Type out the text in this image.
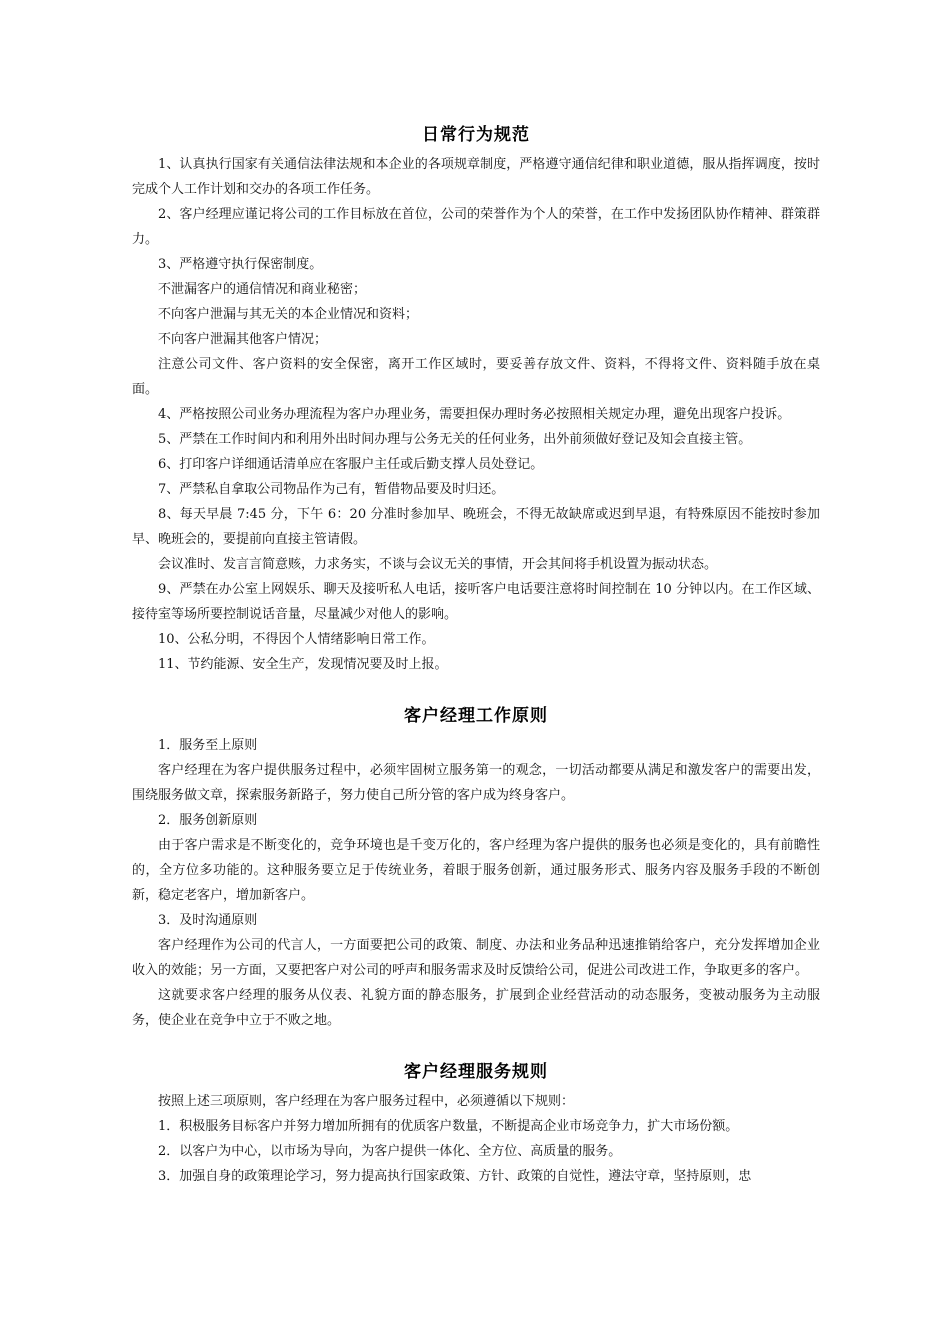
日常行为规范

1、认真执行国家有关通信法律法规和本企业的各项规章制度，严格遵守通信纪律和职业道德，服从指挥调度，按时完成个人工作计划和交办的各项工作任务。

2、客户经理应谨记将公司的工作目标放在首位，公司的荣誉作为个人的荣誉，在工作中发扬团队协作精神、群策群力。

3、严格遵守执行保密制度。

不泄漏客户的通信情况和商业秘密；

不向客户泄漏与其无关的本企业情况和资料；

不向客户泄漏其他客户情况；

注意公司文件、客户资料的安全保密，离开工作区域时，要妥善存放文件、资料，不得将文件、资料随手放在桌面。

4、严格按照公司业务办理流程为客户办理业务，需要担保办理时务必按照相关规定办理，避免出现客户投诉。

5、严禁在工作时间内和利用外出时间办理与公务无关的任何业务，出外前须做好登记及知会直接主管。

6、打印客户详细通话清单应在客服户主任或后勤支撑人员处登记。

7、严禁私自拿取公司物品作为己有，暂借物品要及时归还。

8、每天早晨 7:45 分，下午 6：20 分准时参加早、晚班会，不得无故缺席或迟到早退，有特殊原因不能按时参加早、晚班会的，要提前向直接主管请假。

会议准时、发言言简意赅，力求务实，不谈与会议无关的事情，开会其间将手机设置为振动状态。

9、严禁在办公室上网娱乐、聊天及接听私人电话，接听客户电话要注意将时间控制在 10 分钟以内。在工作区域、接待室等场所要控制说话音量，尽量减少对他人的影响。

10、公私分明，不得因个人情绪影响日常工作。

11、节约能源、安全生产，发现情况要及时上报。

客户经理工作原则

1．服务至上原则

客户经理在为客户提供服务过程中，必须牢固树立服务第一的观念，一切活动都要从满足和激发客户的需要出发，围绕服务做文章，探索服务新路子，努力使自己所分管的客户成为终身客户。

2．服务创新原则

由于客户需求是不断变化的，竞争环境也是千变万化的，客户经理为客户提供的服务也必须是变化的，具有前瞻性的，全方位多功能的。这种服务要立足于传统业务，着眼于服务创新，通过服务形式、服务内容及服务手段的不断创新，稳定老客户，增加新客户。

3．及时沟通原则

客户经理作为公司的代言人，一方面要把公司的政策、制度、办法和业务品种迅速推销给客户，充分发挥增加企业收入的效能；另一方面，又要把客户对公司的呼声和服务需求及时反馈给公司，促进公司改进工作，争取更多的客户。

这就要求客户经理的服务从仪表、礼貌方面的静态服务，扩展到企业经营活动的动态服务，变被动服务为主动服务，使企业在竞争中立于不败之地。

客户经理服务规则

按照上述三项原则，客户经理在为客户服务过程中，必须遵循以下规则：

1．积极服务目标客户并努力增加所拥有的优质客户数量，不断提高企业市场竞争力，扩大市场份额。

2．以客户为中心，以市场为导向，为客户提供一体化、全方位、高质量的服务。

3．加强自身的政策理论学习，努力提高执行国家政策、方针、政策的自觉性，遵法守章，坚持原则，忠
